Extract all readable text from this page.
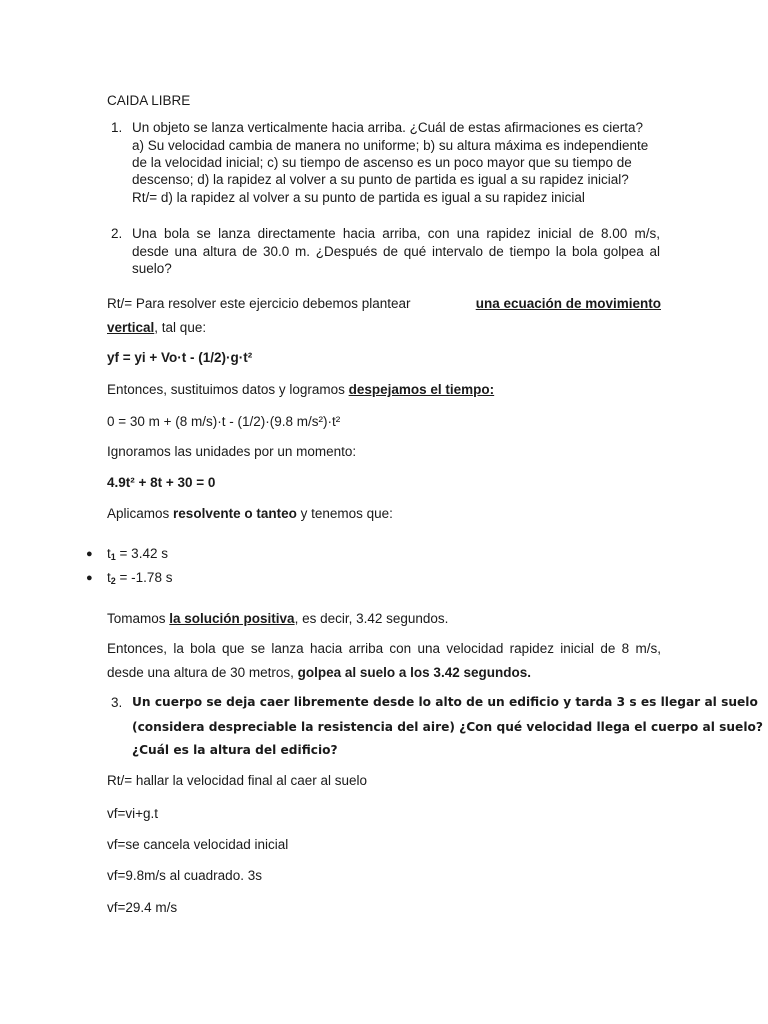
CAIDA LIBRE
1. Un objeto se lanza verticalmente hacia arriba. ¿Cuál de estas afirmaciones es cierta?
a) Su velocidad cambia de manera no uniforme; b) su altura máxima es independiente
de la velocidad inicial; c) su tiempo de ascenso es un poco mayor que su tiempo de
descenso; d) la rapidez al volver a su punto de partida es igual a su rapidez inicial?
Rt/= d) la rapidez al volver a su punto de partida es igual a su rapidez inicial
2. Una bola se lanza directamente hacia arriba, con una rapidez inicial de 8.00 m/s,
desde una altura de 30.0 m. ¿Después de qué intervalo de tiempo la bola golpea al
suelo?
Rt/= Para resolver este ejercicio debemos plantear	una ecuación de movimiento
vertical, tal que:
yf = yi + Vo·t - (1/2)·g·t²
Entonces, sustituimos datos y logramos despejamos el tiempo:
0 = 30 m + (8 m/s)·t - (1/2)·(9.8 m/s²)·t²
Ignoramos las unidades por un momento:
4.9t² + 8t + 30 = 0
Aplicamos resolvente o tanteo y tenemos que:
● $t_1 = 3.42$ s
● $t_2 = -1.78$ s
Tomamos la solución positiva, es decir, 3.42 segundos.
Entonces, la bola que se lanza hacia arriba con una velocidad rapidez inicial de 8 m/s,
desde una altura de 30 metros, golpea al suelo a los 3.42 segundos.
3. Un cuerpo se deja caer libremente desde lo alto de un edificio y tarda 3 s es llegar al suelo
(considera despreciable la resistencia del aire) ¿Con qué velocidad llega el cuerpo al suelo?
¿Cuál es la altura del edificio?
Rt/= hallar la velocidad final al caer al suelo
vf=vi+g.t
vf=se cancela velocidad inicial
vf=9.8m/s al cuadrado. 3s
vf=29.4 m/s
